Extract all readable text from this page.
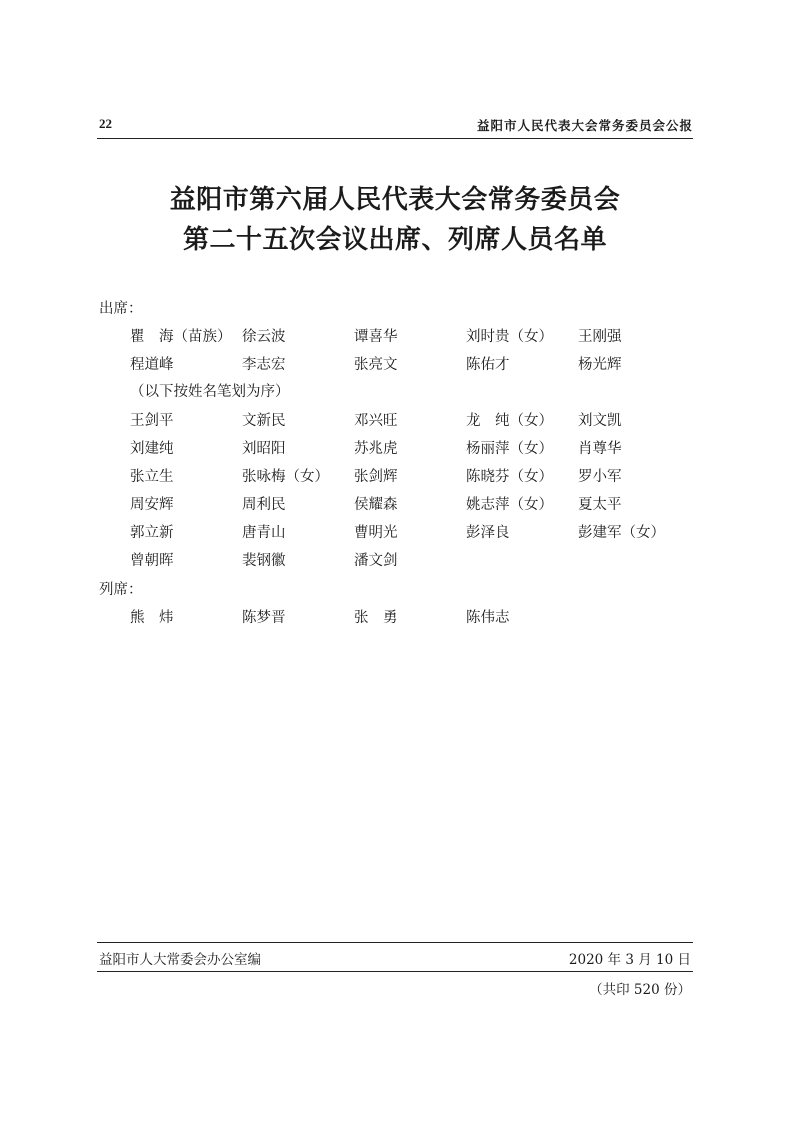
22	益阳市人民代表大会常务委员会公报
益阳市第六届人民代表大会常务委员会
第二十五次会议出席、列席人员名单
出席：
瞿　海（苗族） 徐云波	谭喜华	刘时贵（女） 王刚强
程道峰	李志宏	张亮文	陈佑才	杨光辉
（以下按姓名笔划为序）
王剑平	文新民	邓兴旺	龙　纯（女） 刘文凯
刘建纯	刘昭阳	苏兆虎	杨丽萍（女） 肖尊华
张立生	张咏梅（女） 张剑辉	陈晓芬（女） 罗小军
周安辉	周利民	侯耀森	姚志萍（女） 夏太平
郭立新	唐青山	曹明光	彭泽良	彭建军（女）
曾朝晖	裴钢徽	潘文剑
列席：
熊　炜	陈梦晋	张　勇	陈伟志
益阳市人大常委会办公室编	2020 年 3 月 10 日
（共印 520 份）
